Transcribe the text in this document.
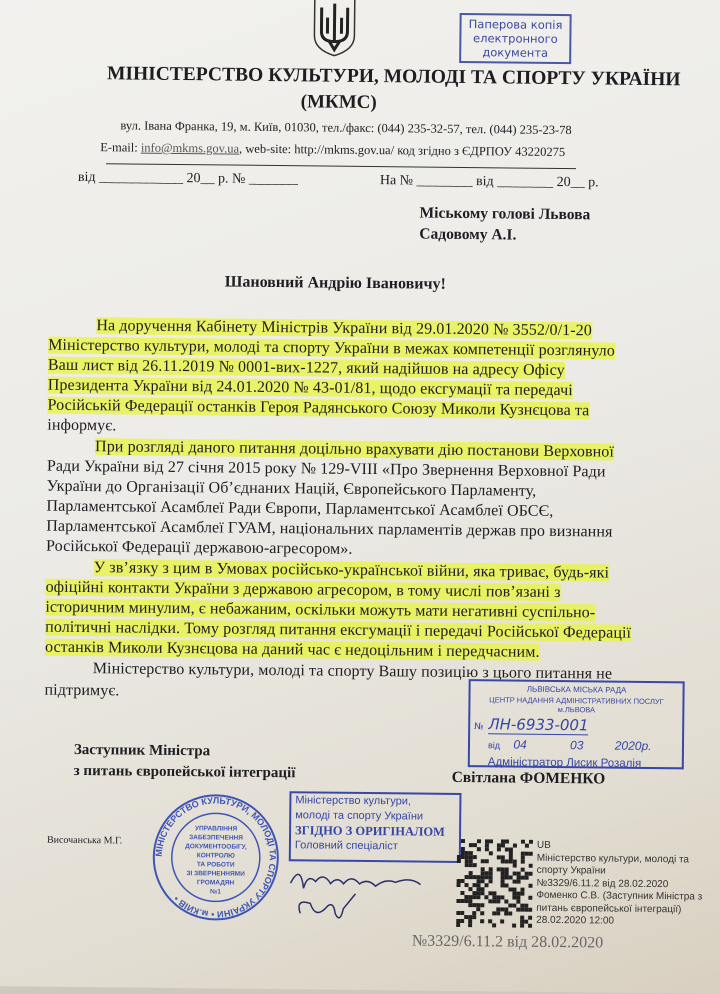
Паперова копія
електронного
документа
МІНІСТЕРСТВО КУЛЬТУРИ, МОЛОДІ ТА СПОРТУ УКРАЇНИ
(МКМС)
вул. Івана Франка, 19, м. Київ, 01030, тел./факс: (044) 235-32-57, тел. (044) 235-23-78
E-mail: info@mkms.gov.ua, web-site: http://mkms.gov.ua/ код згідно з ЄДРПОУ 43220275
від ____________ 20__ р. № _______	На № ________ від ________ 20__ р.
Міському голові Львова
Садовому А.І.
Шановний Андрію Івановичу!
На доручення Кабінету Міністрів України від 29.01.2020 № 3552/0/1-20
Міністерство культури, молоді та спорту України в межах компетенції розглянуло
Ваш лист від 26.11.2019 № 0001-вих-1227, який надійшов на адресу Офісу
Президента України від 24.01.2020 № 43-01/81, щодо ексгумації та передачі
Російській Федерації останків Героя Радянського Союзу Миколи Кузнєцова та
інформує.
При розгляді даного питання доцільно врахувати дію постанови Верховної
Ради України від 27 січня 2015 року № 129-VIII «Про Звернення Верховної Ради
України до Організації Об’єднаних Націй, Європейського Парламенту,
Парламентської Асамблеї Ради Європи, Парламентської Асамблеї ОБСЄ,
Парламентської Асамблеї ГУАМ, національних парламентів держав про визнання
Російської Федерації державою-агресором».
У зв’язку з цим в Умовах російсько-української війни, яка триває, будь-які
офіційні контакти України з державою агресором, в тому числі пов’язані з
історичним минулим, є небажаним, оскільки можуть мати негативні суспільно-
політичні наслідки. Тому розгляд питання ексгумації і передачі Російської Федерації
останків Миколи Кузнєцова на даний час є недоцільним і передчасним.
Міністерство культури, молоді та спорту Вашу позицію з цього питання не
підтримує.	ЛЬВІВСЬКА МІСЬКА РАДА
ЦЕНТР НАДАННЯ АДМІНІСТРАТИВНИХ ПОСЛУГ м.ЛЬВОВА
№ ЛН-6933-001
від 04	03	2020р.
Адміністратор Лисик Розалія
Заступник Міністра
з питань європейської інтеграції	Світлана ФОМЕНКО
Височанська М.Г.
МІНІСТЕРСТВО КУЛЬТУРИ, МОЛОДІ ТА СПОРТУ УКРАЇНИ • м.КИЇВ •
УПРАВЛІННЯ
ЗАБЕЗПЕЧЕННЯ
ДОКУМЕНТООБІГУ,
КОНТРОЛЮ
ТА РОБОТИ
ЗІ ЗВЕРНЕННЯМИ
ГРОМАДЯН
№1
Міністерство культури,
молоді та спорту України
ЗГІДНО З ОРИГІНАЛОМ
Головний спеціаліст	UB
Міністерство культури, молоді та
спорту України
№3329/6.11.2 від 28.02.2020
Фоменко С.В. (Заступник Міністра з
питань європейської інтеграції)
28.02.2020 12:00
№3329/6.11.2 від 28.02.2020
